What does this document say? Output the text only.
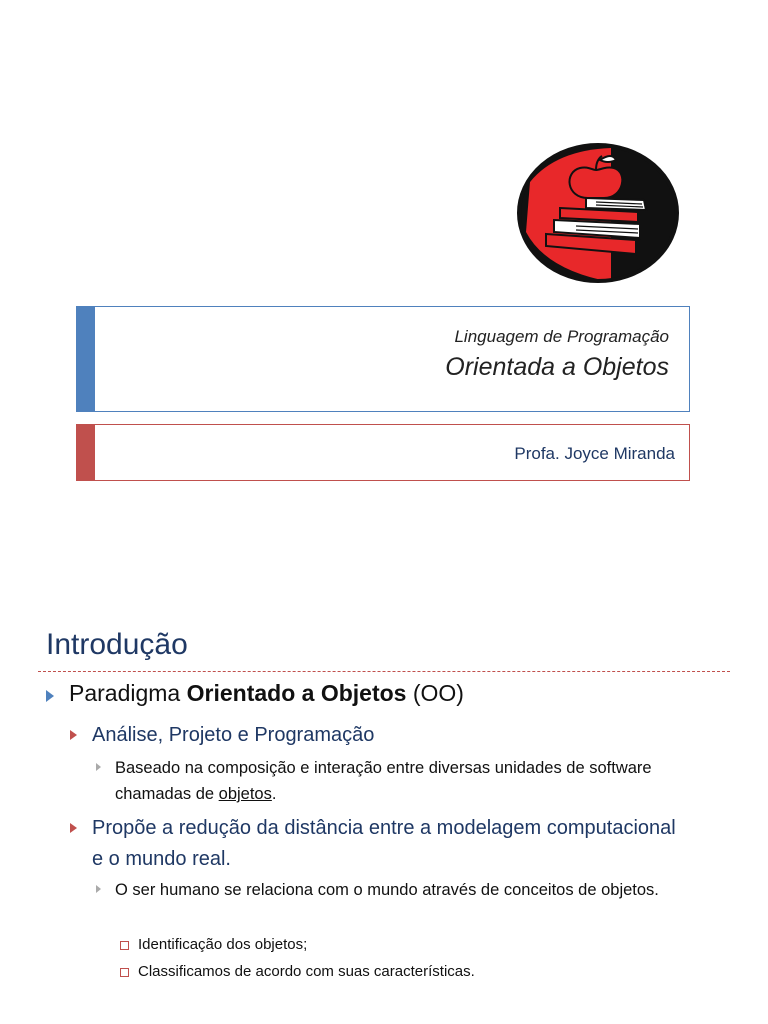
Linguagem de Programação
Orientada a Objetos
Profa. Joyce Miranda
Introdução
Paradigma Orientado a Objetos (OO)
Análise, Projeto e Programação
Baseado na composição e interação entre diversas unidades de software chamadas de objetos.
Propõe a redução da distância entre a modelagem computacional e o mundo real.
O ser humano se relaciona com o mundo através de conceitos de objetos.
Identificação dos objetos;
Classificamos de acordo com suas características.
